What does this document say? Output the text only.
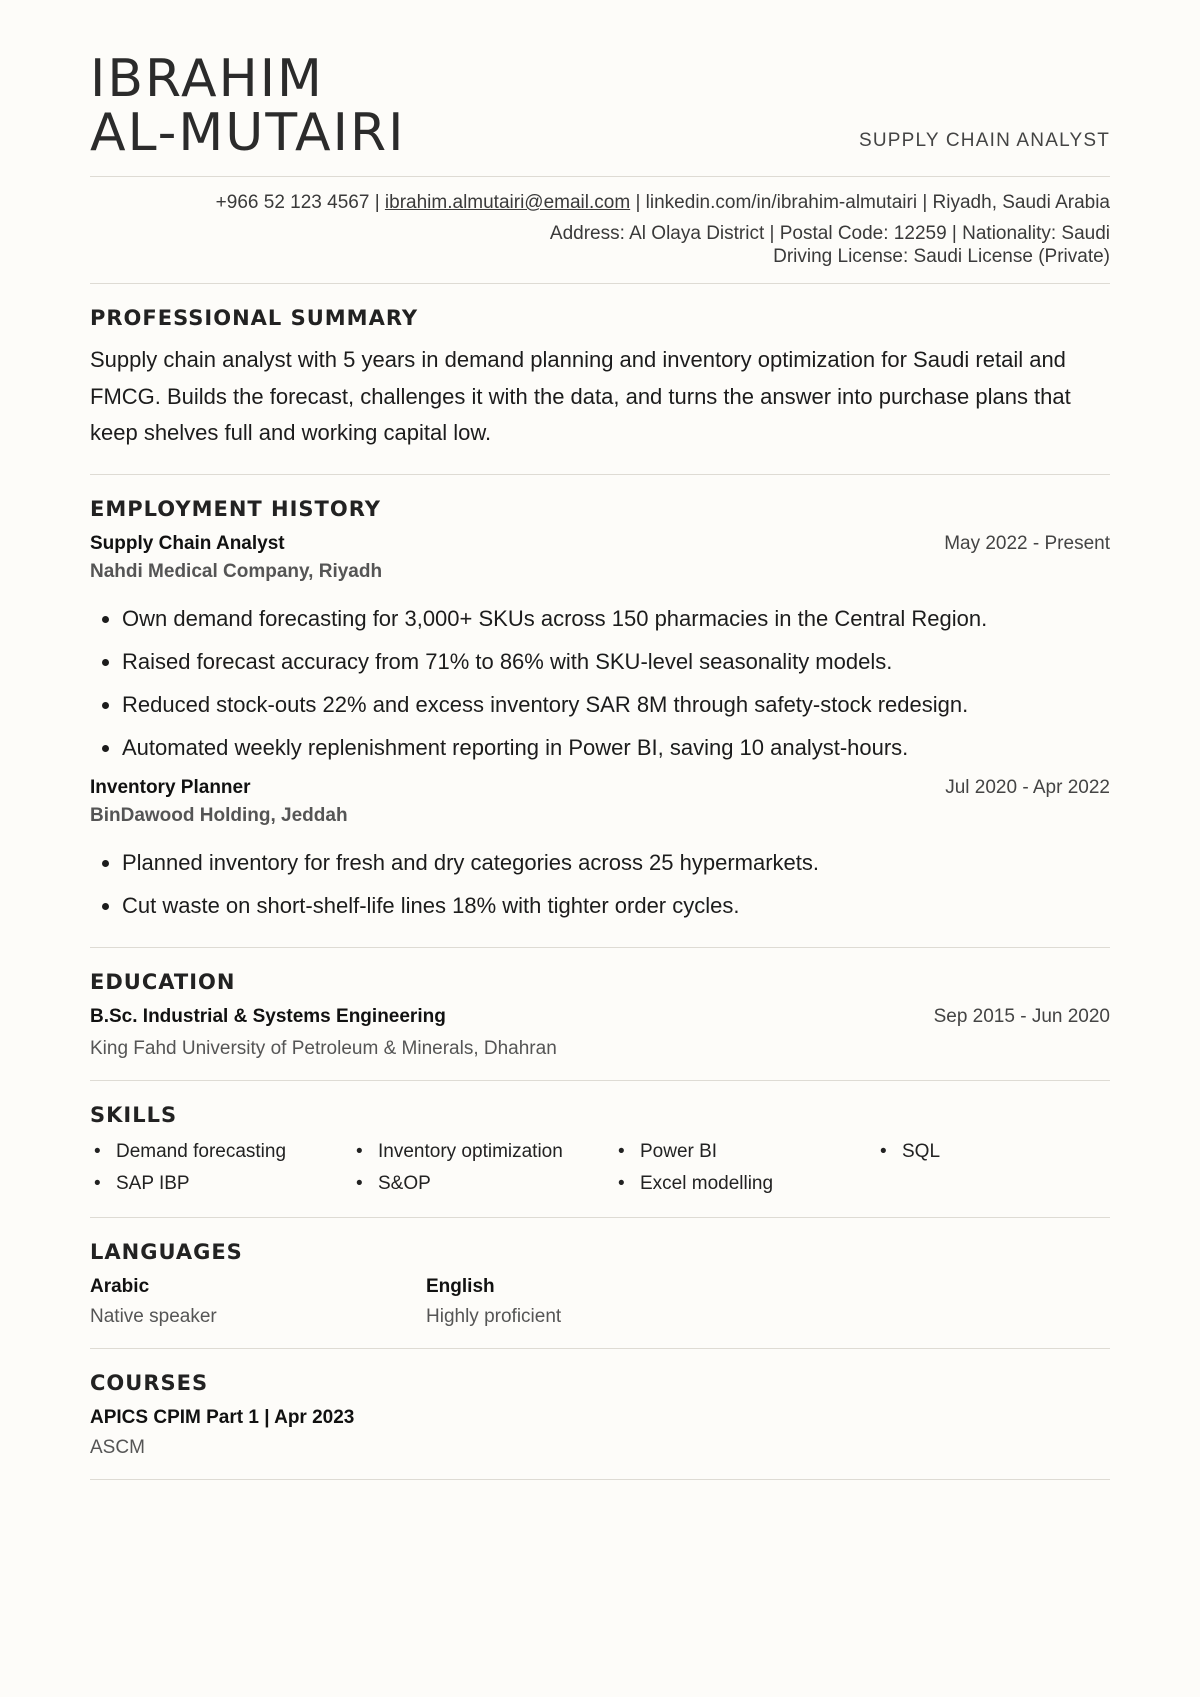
IBRAHIM
AL-MUTAIRI	SUPPLY CHAIN ANALYST
+966 52 123 4567 | ibrahim.almutairi@email.com | linkedin.com/in/ibrahim-almutairi | Riyadh, Saudi Arabia
Address: Al Olaya District | Postal Code: 12259 | Nationality: Saudi
Driving License: Saudi License (Private)
PROFESSIONAL SUMMARY

Supply chain analyst with 5 years in demand planning and inventory optimization for Saudi retail and FMCG. Builds the forecast, challenges it with the data, and turns the answer into purchase plans that keep shelves full and working capital low.

EMPLOYMENT HISTORY
Supply Chain Analyst	May 2022 - Present
Nahdi Medical Company, Riyadh
• Own demand forecasting for 3,000+ SKUs across 150 pharmacies in the Central Region.
• Raised forecast accuracy from 71% to 86% with SKU-level seasonality models.
• Reduced stock-outs 22% and excess inventory SAR 8M through safety-stock redesign.
• Automated weekly replenishment reporting in Power BI, saving 10 analyst-hours.
Inventory Planner	Jul 2020 - Apr 2022
BinDawood Holding, Jeddah
• Planned inventory for fresh and dry categories across 25 hypermarkets.
• Cut waste on short-shelf-life lines 18% with tighter order cycles.
EDUCATION
B.Sc. Industrial & Systems Engineering	Sep 2015 - Jun 2020
King Fahd University of Petroleum & Minerals, Dhahran
SKILLS
• Demand forecasting	• Inventory optimization	• Power BI	• SQL
• SAP IBP	• S&OP	• Excel modelling
LANGUAGES
Arabic
Native speaker
English
Highly proficient
COURSES
APICS CPIM Part 1 | Apr 2023
ASCM
